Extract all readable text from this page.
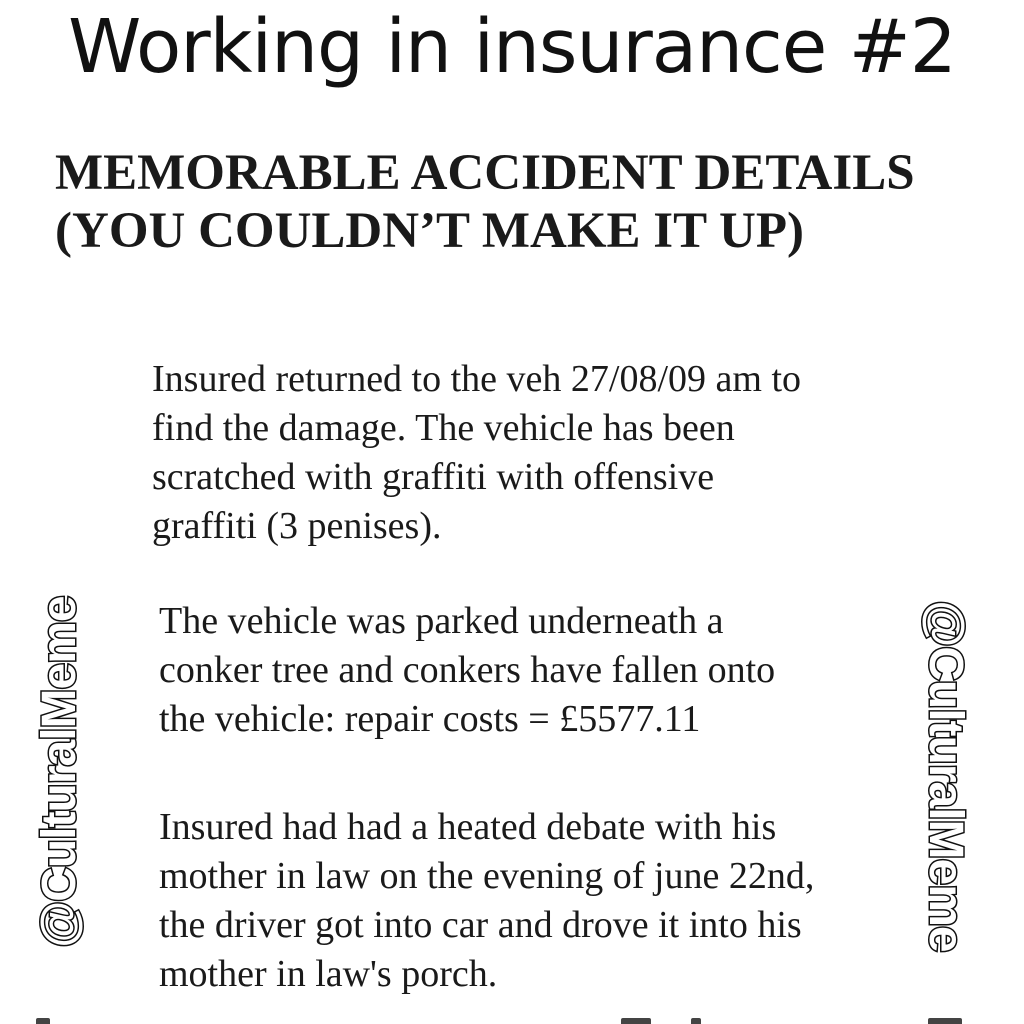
Working in insurance #2
MEMORABLE ACCIDENT DETAILS
(YOU COULDN’T MAKE IT UP)
Insured returned to the veh 27/08/09 am to
find the damage. The vehicle has been
scratched with graffiti with offensive
graffiti (3 penises).
The vehicle was parked underneath a
conker tree and conkers have fallen onto
the vehicle: repair costs = £5577.11
Insured had had a heated debate with his
mother in law on the evening of june 22nd,
the driver got into car and drove it into his
mother in law's porch.
@CulturalMeme	@CulturalMeme
